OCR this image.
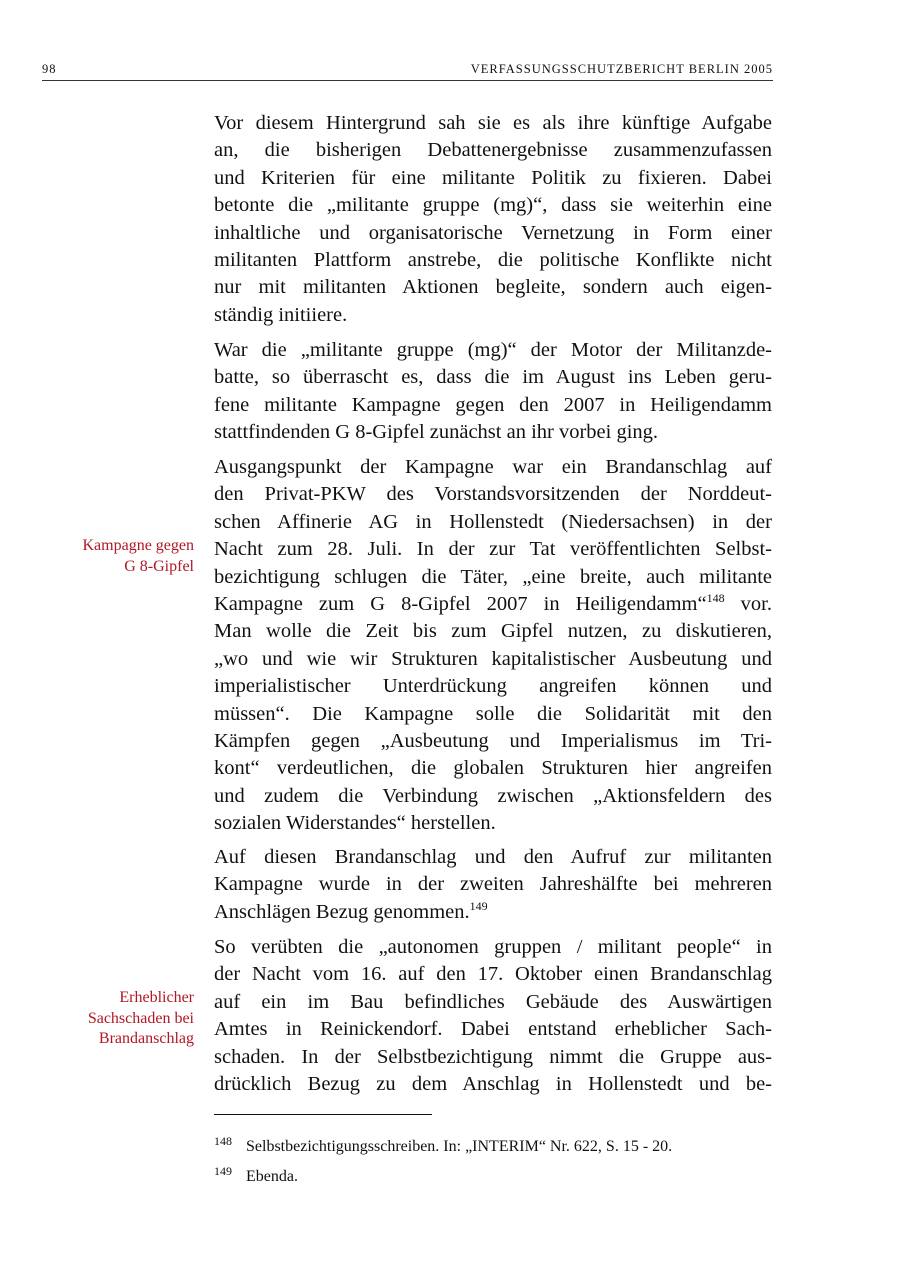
98	VERFASSUNGSSCHUTZBERICHT BERLIN 2005
Vor diesem Hintergrund sah sie es als ihre künftige Aufgabe
an, die bisherigen Debattenergebnisse zusammenzufassen
und Kriterien für eine militante Politik zu fixieren. Dabei
betonte die „militante gruppe (mg)“, dass sie weiterhin eine
inhaltliche und organisatorische Vernetzung in Form einer
militanten Plattform anstrebe, die politische Konflikte nicht
nur mit militanten Aktionen begleite, sondern auch eigen-
ständig initiiere.
War die „militante gruppe (mg)“ der Motor der Militanzde-
batte, so überrascht es, dass die im August ins Leben geru-
fene militante Kampagne gegen den 2007 in Heiligendamm
stattfindenden G 8-Gipfel zunächst an ihr vorbei ging.
Ausgangspunkt der Kampagne war ein Brandanschlag auf
den Privat-PKW des Vorstandsvorsitzenden der Norddeut-
schen Affinerie AG in Hollenstedt (Niedersachsen) in der
Nacht zum 28. Juli. In der zur Tat veröffentlichten Selbst-
bezichtigung schlugen die Täter, „eine breite, auch militante
Kampagne zum G 8-Gipfel 2007 in Heiligendamm“$^{148}$ vor.
Man wolle die Zeit bis zum Gipfel nutzen, zu diskutieren,
„wo und wie wir Strukturen kapitalistischer Ausbeutung und
imperialistischer Unterdrückung angreifen können und
müssen“. Die Kampagne solle die Solidarität mit den
Kämpfen gegen „Ausbeutung und Imperialismus im Tri-
kont“ verdeutlichen, die globalen Strukturen hier angreifen
und zudem die Verbindung zwischen „Aktionsfeldern des
sozialen Widerstandes“ herstellen.
Auf diesen Brandanschlag und den Aufruf zur militanten
Kampagne wurde in der zweiten Jahreshälfte bei mehreren
Anschlägen Bezug genommen.$^{149}$
So verübten die „autonomen gruppen / militant people“ in
der Nacht vom 16. auf den 17. Oktober einen Brandanschlag
auf ein im Bau befindliches Gebäude des Auswärtigen
Amtes in Reinickendorf. Dabei entstand erheblicher Sach-
schaden. In der Selbstbezichtigung nimmt die Gruppe aus-
drücklich Bezug zu dem Anschlag in Hollenstedt und be-
Kampagne gegen
G 8-Gipfel
Erheblicher
Sachschaden bei
Brandanschlag
148 Selbstbezichtigungsschreiben. In: „INTERIM“ Nr. 622, S. 15 - 20.
149 Ebenda.
